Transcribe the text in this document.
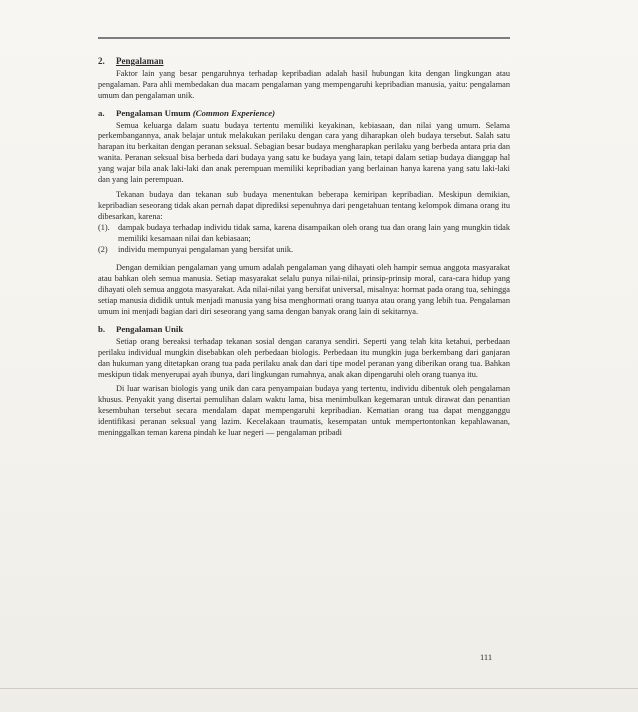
2. Pengalaman

Faktor lain yang besar pengaruhnya terhadap kepribadian adalah hasil hubungan kita dengan lingkungan atau pengalaman. Para ahli membedakan dua macam pengalaman yang mempengaruhi kepribadian manusia, yaitu: pengalaman umum dan pengalaman unik.

a. Pengalaman Umum (Common Experience)

Semua keluarga dalam suatu budaya tertentu memiliki keyakinan, kebiasaan, dan nilai yang umum. Selama perkembangannya, anak belajar untuk melakukan perilaku dengan cara yang diharapkan oleh budaya tersebut. Salah satu harapan itu berkaitan dengan peranan seksual. Sebagian besar budaya mengharapkan perilaku yang berbeda antara pria dan wanita. Peranan seksual bisa berbeda dari budaya yang satu ke budaya yang lain, tetapi dalam setiap budaya dianggap hal yang wajar bila anak laki-laki dan anak perempuan memiliki kepribadian yang berlainan hanya karena yang satu laki-laki dan yang lain perempuan.

Tekanan budaya dan tekanan sub budaya menentukan beberapa kemiripan kepribadian. Meskipun demikian, kepribadian seseorang tidak akan pernah dapat diprediksi sepenuhnya dari pengetahuan tentang kelompok dimana orang itu dibesarkan, karena:

(1). dampak budaya terhadap individu tidak sama, karena disampaikan oleh orang tua dan orang lain yang mungkin tidak memiliki kesamaan nilai dan kebiasaan;
(2) individu mempunyai pengalaman yang bersifat unik.

Dengan demikian pengalaman yang umum adalah pengalaman yang dihayati oleh hampir semua anggota masyarakat atau bahkan oleh semua manusia. Setiap masyarakat selalu punya nilai-nilai, prinsip-prinsip moral, cara-cara hidup yang dihayati oleh semua anggota masyarakat. Ada nilai-nilai yang bersifat universal, misalnya: hormat pada orang tua, sehingga setiap manusia dididik untuk menjadi manusia yang bisa menghormati orang tuanya atau orang yang lebih tua. Pengalaman umum ini menjadi bagian dari diri seseorang yang sama dengan banyak orang lain di sekitarnya.

b. Pengalaman Unik

Setiap orang bereaksi terhadap tekanan sosial dengan caranya sendiri. Seperti yang telah kita ketahui, perbedaan perilaku individual mungkin disebabkan oleh perbedaan biologis. Perbedaan itu mungkin juga berkembang dari ganjaran dan hukuman yang ditetapkan orang tua pada perilaku anak dan dari tipe model peranan yang diberikan orang tua. Bahkan meskipun tidak menyerupai ayah ibunya, dari lingkungan rumahnya, anak akan dipengaruhi oleh orang tuanya itu.

Di luar warisan biologis yang unik dan cara penyampaian budaya yang tertentu, individu dibentuk oleh pengalaman khusus. Penyakit yang disertai pemulihan dalam waktu lama, bisa menimbulkan kegemaran untuk dirawat dan penantian kesembuhan tersebut secara mendalam dapat mempengaruhi kepribadian. Kematian orang tua dapat mengganggu identifikasi peranan seksual yang lazim. Kecelakaan traumatis, kesempatan untuk mempertontonkan kepahlawanan, meninggalkan teman karena pindah ke luar negeri — pengalaman pribadi

111
